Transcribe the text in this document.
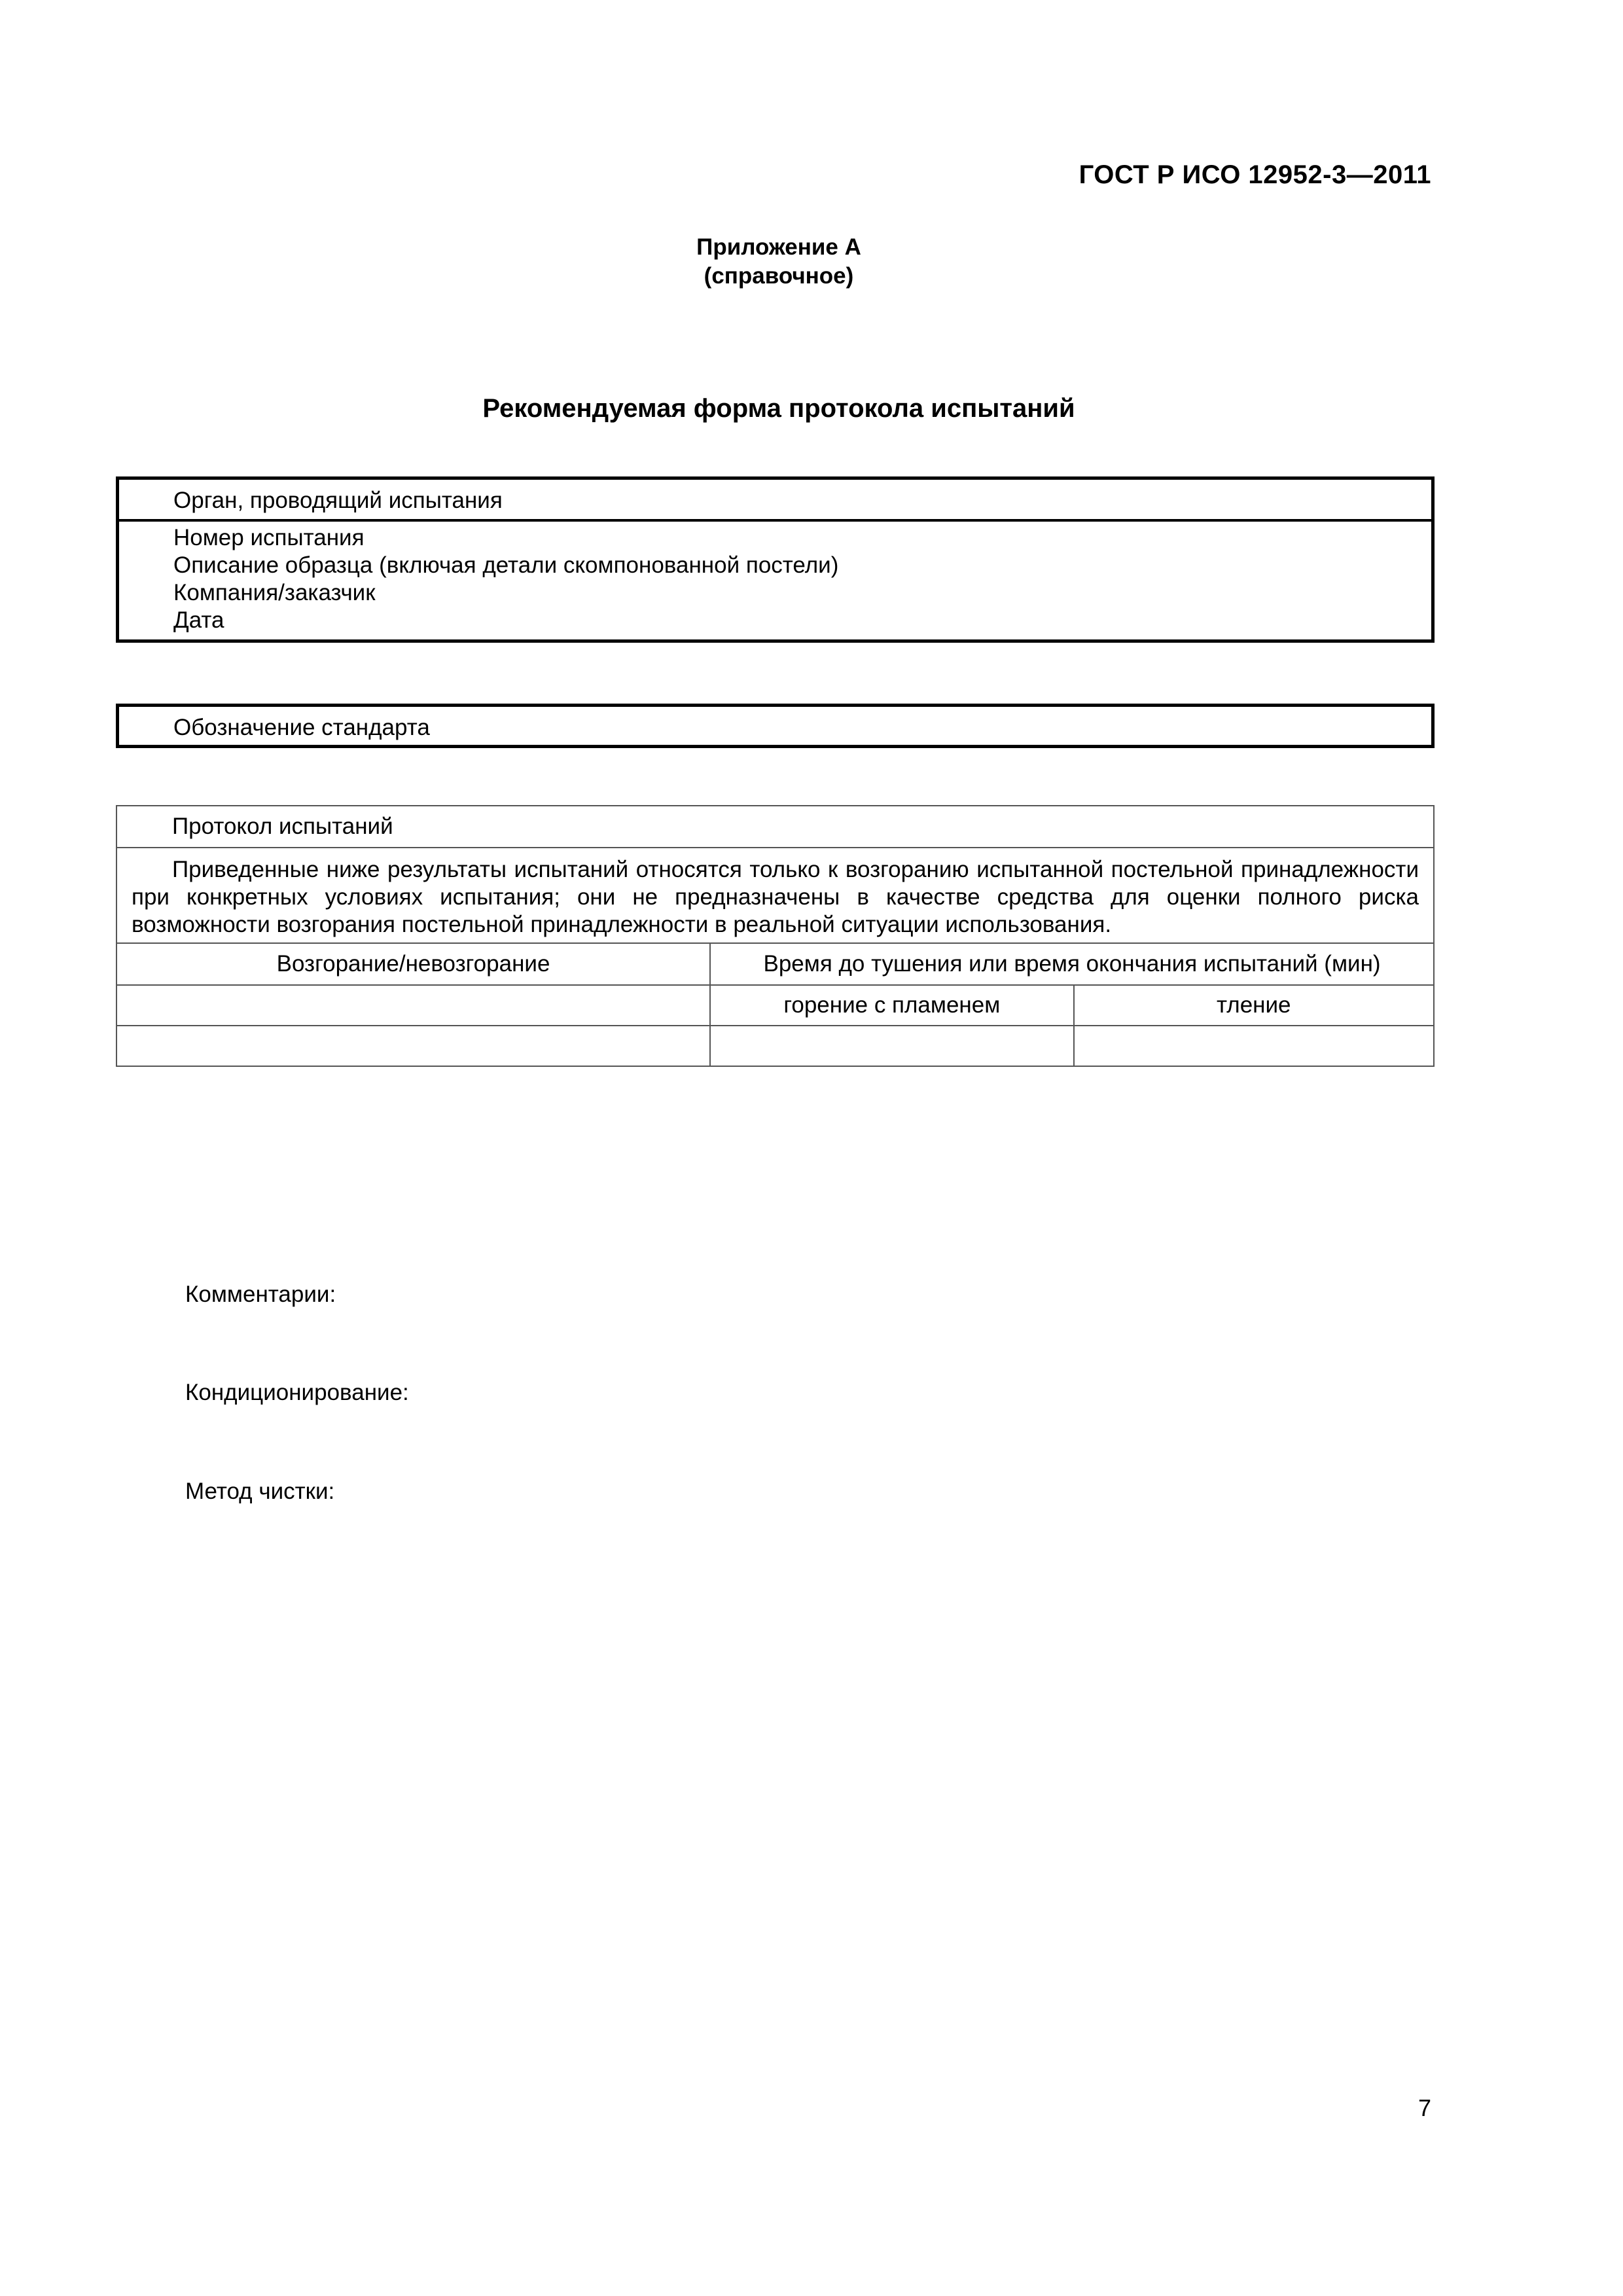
ГОСТ Р ИСО 12952-3—2011
Приложение А
(справочное)
Рекомендуемая форма протокола испытаний
Орган, проводящий испытания
Номер испытания
Описание образца (включая детали скомпонованной постели)
Компания/заказчик
Дата
Обозначение стандарта
Протокол испытаний		
Приведенные ниже результаты испытаний относятся только к возгоранию испытанной постельной принадлежности при конкретных условиях испытания; они не предназначены в качестве средства для оценки полного риска возможности возгорания постельной принадлежности в реальной ситуации использования.		
Возгорание/невозгорание	Время до тушения или время окончания испытаний (мин)	
	горение с пламенем	тление

Комментарии:
Кондиционирование:
Метод чистки:
7
